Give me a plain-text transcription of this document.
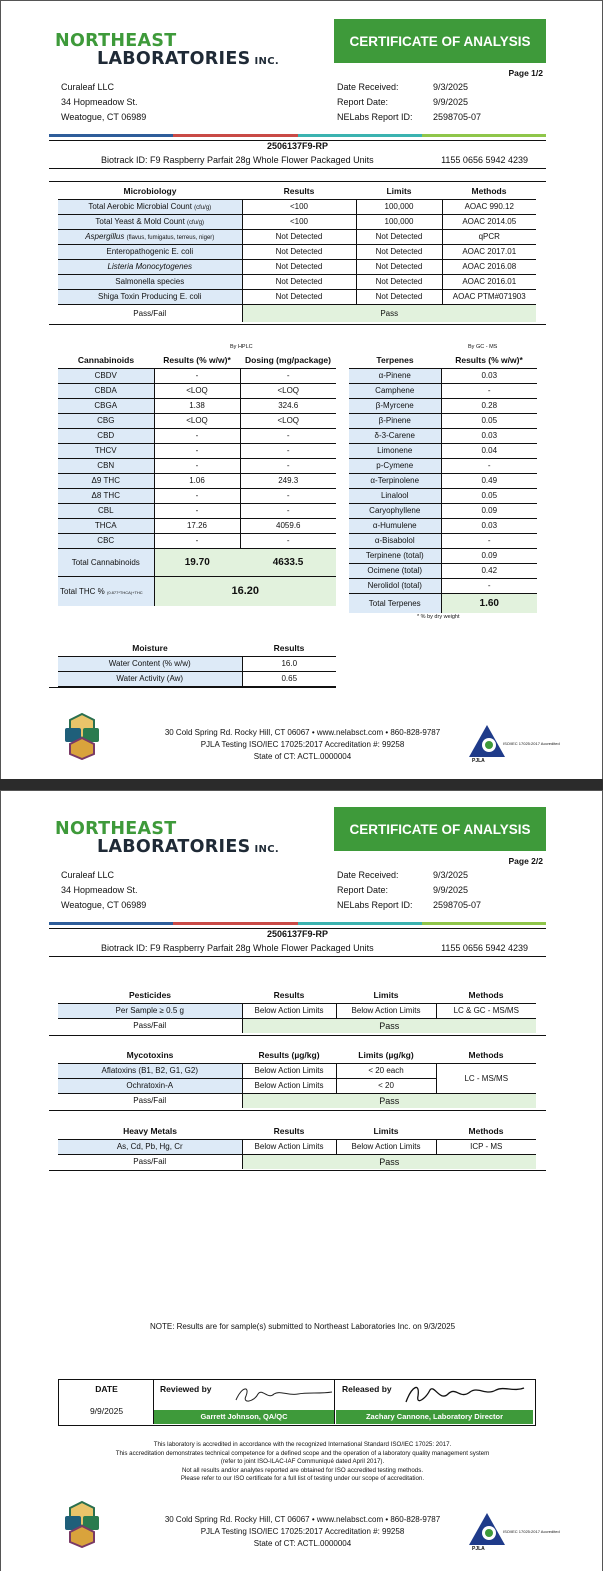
NORTHEAST
LABORATORIES INC.
CERTIFICATE OF ANALYSIS
Page 1/2
Curaleaf LLC
34 Hopmeadow St.
Weatogue, CT 06989
Date Received:	9/3/2025
Report Date:	9/9/2025
NELabs Report ID:	2598705-07
2506137F9-RP
Biotrack ID: F9 Raspberry Parfait 28g Whole Flower Packaged Units	1155 0656 5942 4239
Microbiology	Results	Limits	Methods
Total Aerobic Microbial Count (cfu/g)	<100	100,000	AOAC 990.12
Total Yeast & Mold Count (cfu/g)	<100	100,000	AOAC 2014.05
Aspergillus (flavus, fumigatus, terreus, niger)	Not Detected	Not Detected	qPCR
Enteropathogenic E. coli	Not Detected	Not Detected	AOAC 2017.01
Listeria Monocytogenes	Not Detected	Not Detected	AOAC 2016.08
Salmonella species	Not Detected	Not Detected	AOAC 2016.01
Shiga Toxin Producing E. coli	Not Detected	Not Detected	AOAC PTM#071903
Pass/Fail	Pass		
By HPLC
Cannabinoids	Results (% w/w)*	Dosing (mg/package)
CBDV	-	-
CBDA	<LOQ	<LOQ
CBGA	1.38	324.6
CBG	<LOQ	<LOQ
CBD	-	-
THCV	-	-
CBN	-	-
Δ9 THC	1.06	249.3
Δ8 THC	-	-
CBL	-	-
THCA	17.26	4059.6
CBC	-	-
Total Cannabinoids	19.70	4633.5
Total THC % (0.877*THCA)+THC	16.20	
By GC - MS
Terpenes	Results (% w/w)*
α-Pinene	0.03
Camphene	-
β-Myrcene	0.28
β-Pinene	0.05
δ-3-Carene	0.03
Limonene	0.04
p-Cymene	-
α-Terpinolene	0.49
Linalool	0.05
Caryophyllene	0.09
α-Humulene	0.03
α-Bisabolol	-
Terpinene (total)	0.09
Ocimene (total)	0.42
Nerolidol (total)	-
Total Terpenes	1.60
* % by dry weight
Moisture	Results
Water Content (% w/w)	16.0
Water Activity (Aw)	0.65
30 Cold Spring Rd. Rocky Hill, CT 06067 • www.nelabsct.com • 860-828-9787
PJLA Testing ISO/IEC 17025:2017 Accreditation #: 99258
State of CT: ACTL.0000004
ISO/IEC 17025:2017 Accredited
PJLA
NORTHEAST
LABORATORIES INC.
CERTIFICATE OF ANALYSIS
Page 2/2
Curaleaf LLC
34 Hopmeadow St.
Weatogue, CT 06989
Date Received:	9/3/2025
Report Date:	9/9/2025
NELabs Report ID:	2598705-07
2506137F9-RP
Biotrack ID: F9 Raspberry Parfait 28g Whole Flower Packaged Units	1155 0656 5942 4239
Pesticides	Results	Limits	Methods
Per Sample ≥ 0.5 g	Below Action Limits	Below Action Limits	LC & GC - MS/MS
Pass/Fail	Pass		
Mycotoxins	Results (µg/kg)	Limits (µg/kg)	Methods
Aflatoxins (B1, B2, G1, G2)	Below Action Limits	< 20 each	LC - MS/MS
Ochratoxin-A	Below Action Limits	< 20	
Pass/Fail	Pass		
Heavy Metals	Results	Limits	Methods
As, Cd, Pb, Hg, Cr	Below Action Limits	Below Action Limits	ICP - MS
Pass/Fail	Pass		
NOTE: Results are for sample(s) submitted to Northeast Laboratories Inc. on 9/3/2025
DATE
9/9/2025
Reviewed by
Garrett Johnson, QA/QC
Released by
Zachary Cannone, Laboratory Director
This laboratory is accredited in accordance with the recognized International Standard ISO/IEC 17025: 2017.
This accreditation demonstrates technical competence for a defined scope and the operation of a laboratory quality management system
(refer to joint ISO-ILAC-IAF Communiqué dated April 2017).
Not all results and/or analytes reported are obtained for ISO accredited testing methods.
Please refer to our ISO certificate for a full list of testing under our scope of accreditation.
30 Cold Spring Rd. Rocky Hill, CT 06067 • www.nelabsct.com • 860-828-9787
PJLA Testing ISO/IEC 17025:2017 Accreditation #: 99258
State of CT: ACTL.0000004
ISO/IEC 17025:2017 Accredited
PJLA
